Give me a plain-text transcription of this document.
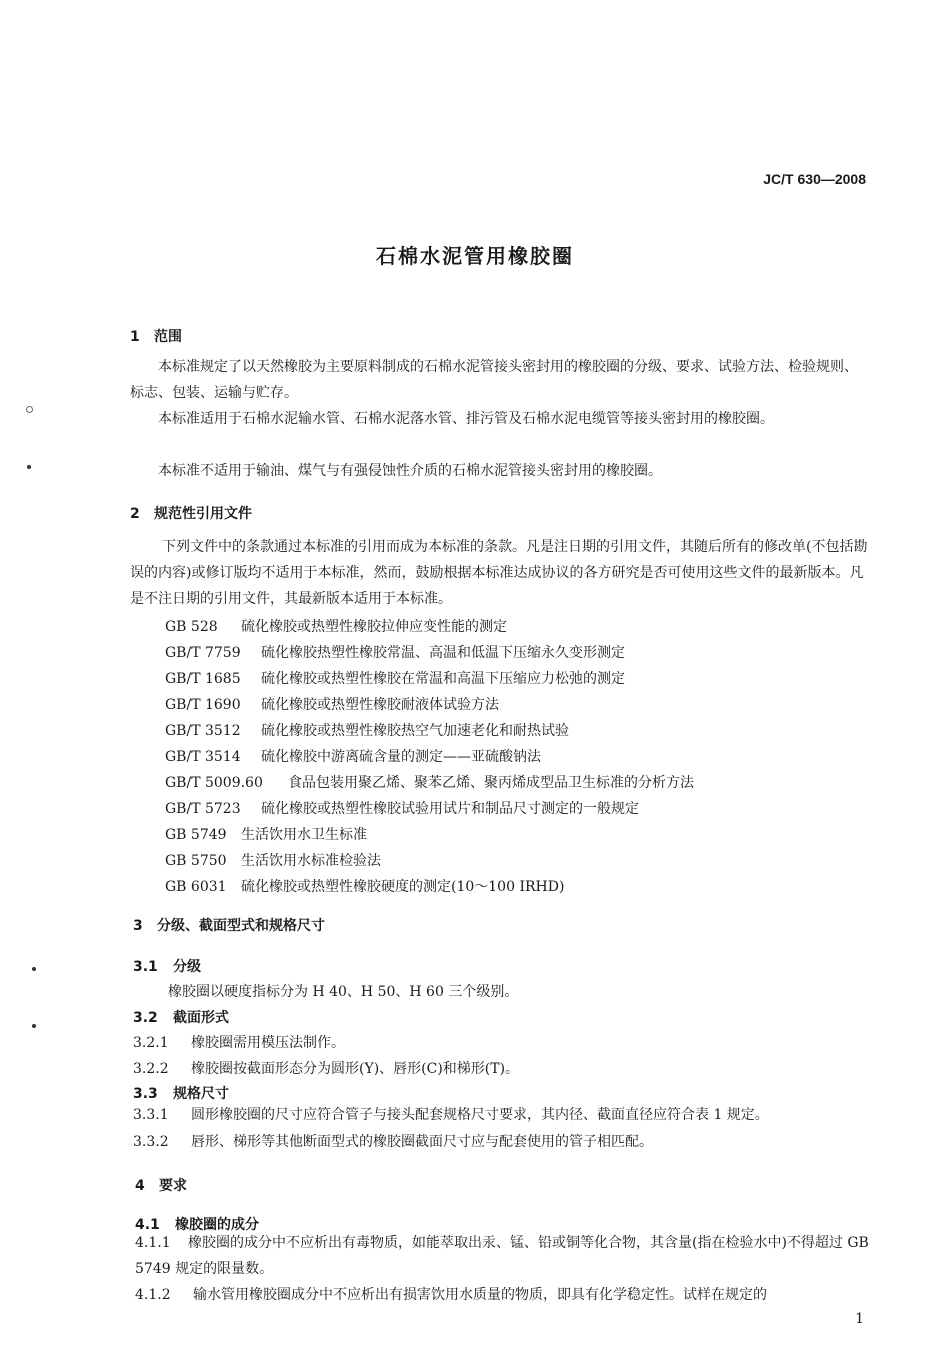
JC/T 630—2008
石棉水泥管用橡胶圈
1 范围
本标准规定了以天然橡胶为主要原料制成的石棉水泥管接头密封用的橡胶圈的分级、要求、试验方法、检验规则、标志、包装、运输与贮存。
本标准适用于石棉水泥输水管、石棉水泥落水管、排污管及石棉水泥电缆管等接头密封用的橡胶圈。
本标准不适用于输油、煤气与有强侵蚀性介质的石棉水泥管接头密封用的橡胶圈。
2 规范性引用文件
下列文件中的条款通过本标准的引用而成为本标准的条款。凡是注日期的引用文件，其随后所有的修改单(不包括勘误的内容)或修订版均不适用于本标准，然而，鼓励根据本标准达成协议的各方研究是否可使用这些文件的最新版本。凡是不注日期的引用文件，其最新版本适用于本标准。
GB 528 硫化橡胶或热塑性橡胶拉伸应变性能的测定
GB/T 7759 硫化橡胶热塑性橡胶常温、高温和低温下压缩永久变形测定
GB/T 1685 硫化橡胶或热塑性橡胶在常温和高温下压缩应力松弛的测定
GB/T 1690 硫化橡胶或热塑性橡胶耐液体试验方法
GB/T 3512 硫化橡胶或热塑性橡胶热空气加速老化和耐热试验
GB/T 3514 硫化橡胶中游离硫含量的测定——亚硫酸钠法
GB/T 5009.60 食品包装用聚乙烯、聚苯乙烯、聚丙烯成型品卫生标准的分析方法
GB/T 5723 硫化橡胶或热塑性橡胶试验用试片和制品尺寸测定的一般规定
GB 5749 生活饮用水卫生标准
GB 5750 生活饮用水标准检验法
GB 6031 硫化橡胶或热塑性橡胶硬度的测定(10～100 IRHD)
3 分级、截面型式和规格尺寸
3.1 分级
橡胶圈以硬度指标分为 H 40、H 50、H 60 三个级别。
3.2 截面形式
3.2.1 橡胶圈需用模压法制作。
3.2.2 橡胶圈按截面形态分为圆形(Y)、唇形(C)和梯形(T)。
3.3 规格尺寸
3.3.1 圆形橡胶圈的尺寸应符合管子与接头配套规格尺寸要求，其内径、截面直径应符合表 1 规定。
3.3.2 唇形、梯形等其他断面型式的橡胶圈截面尺寸应与配套使用的管子相匹配。
4 要求
4.1 橡胶圈的成分
4.1.1 橡胶圈的成分中不应析出有毒物质，如能萃取出汞、锰、铅或铜等化合物，其含量(指在检验水中)不得超过 GB 5749 规定的限量数。
4.1.2 输水管用橡胶圈成分中不应析出有损害饮用水质量的物质，即具有化学稳定性。试样在规定的
1
